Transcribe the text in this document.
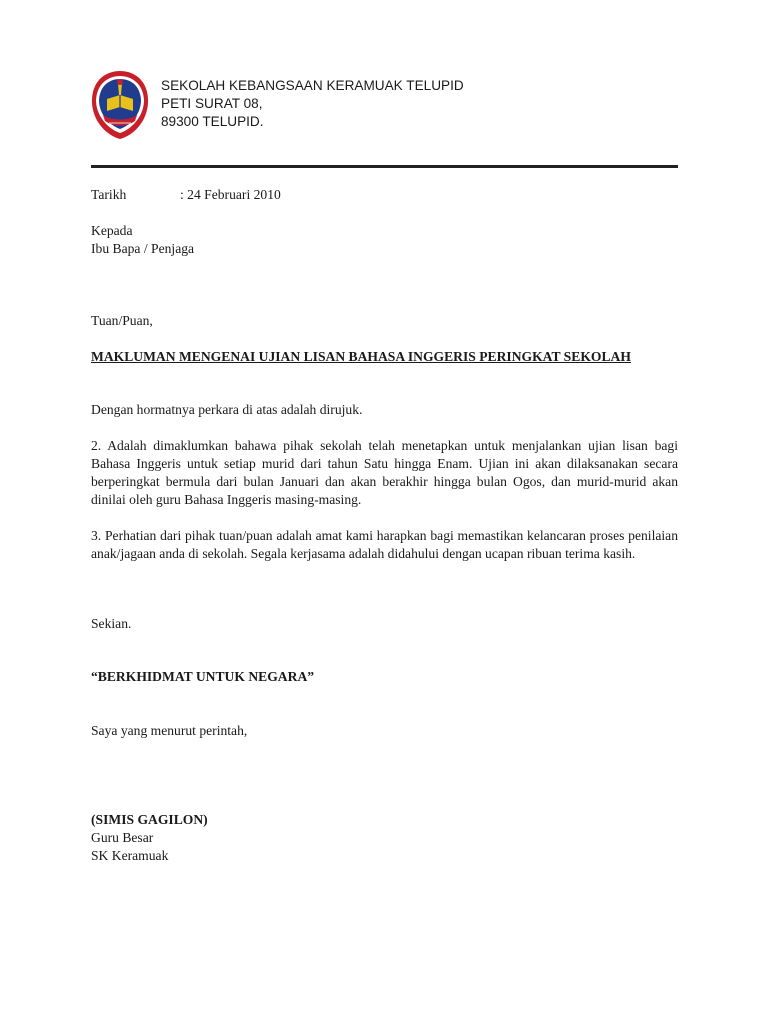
SEKOLAH KEBANGSAAN KERAMUAK TELUPID
PETI SURAT 08,
89300 TELUPID.
Tarikh	: 24 Februari 2010
Kepada
Ibu Bapa / Penjaga
Tuan/Puan,
MAKLUMAN MENGENAI UJIAN LISAN BAHASA INGGERIS PERINGKAT SEKOLAH
Dengan hormatnya perkara di atas adalah dirujuk.
2. Adalah dimaklumkan bahawa pihak sekolah telah menetapkan untuk menjalankan ujian lisan bagi Bahasa Inggeris untuk setiap murid dari tahun Satu hingga Enam. Ujian ini akan dilaksanakan secara berperingkat bermula dari bulan Januari dan akan berakhir hingga bulan Ogos, dan murid-murid akan dinilai oleh guru Bahasa Inggeris masing-masing.
3. Perhatian dari pihak tuan/puan adalah amat kami harapkan bagi memastikan kelancaran proses penilaian anak/jagaan anda di sekolah. Segala kerjasama adalah didahului dengan ucapan ribuan terima kasih.
Sekian.
“BERKHIDMAT UNTUK NEGARA”
Saya yang menurut perintah,
(SIMIS GAGILON)
Guru Besar
SK Keramuak
